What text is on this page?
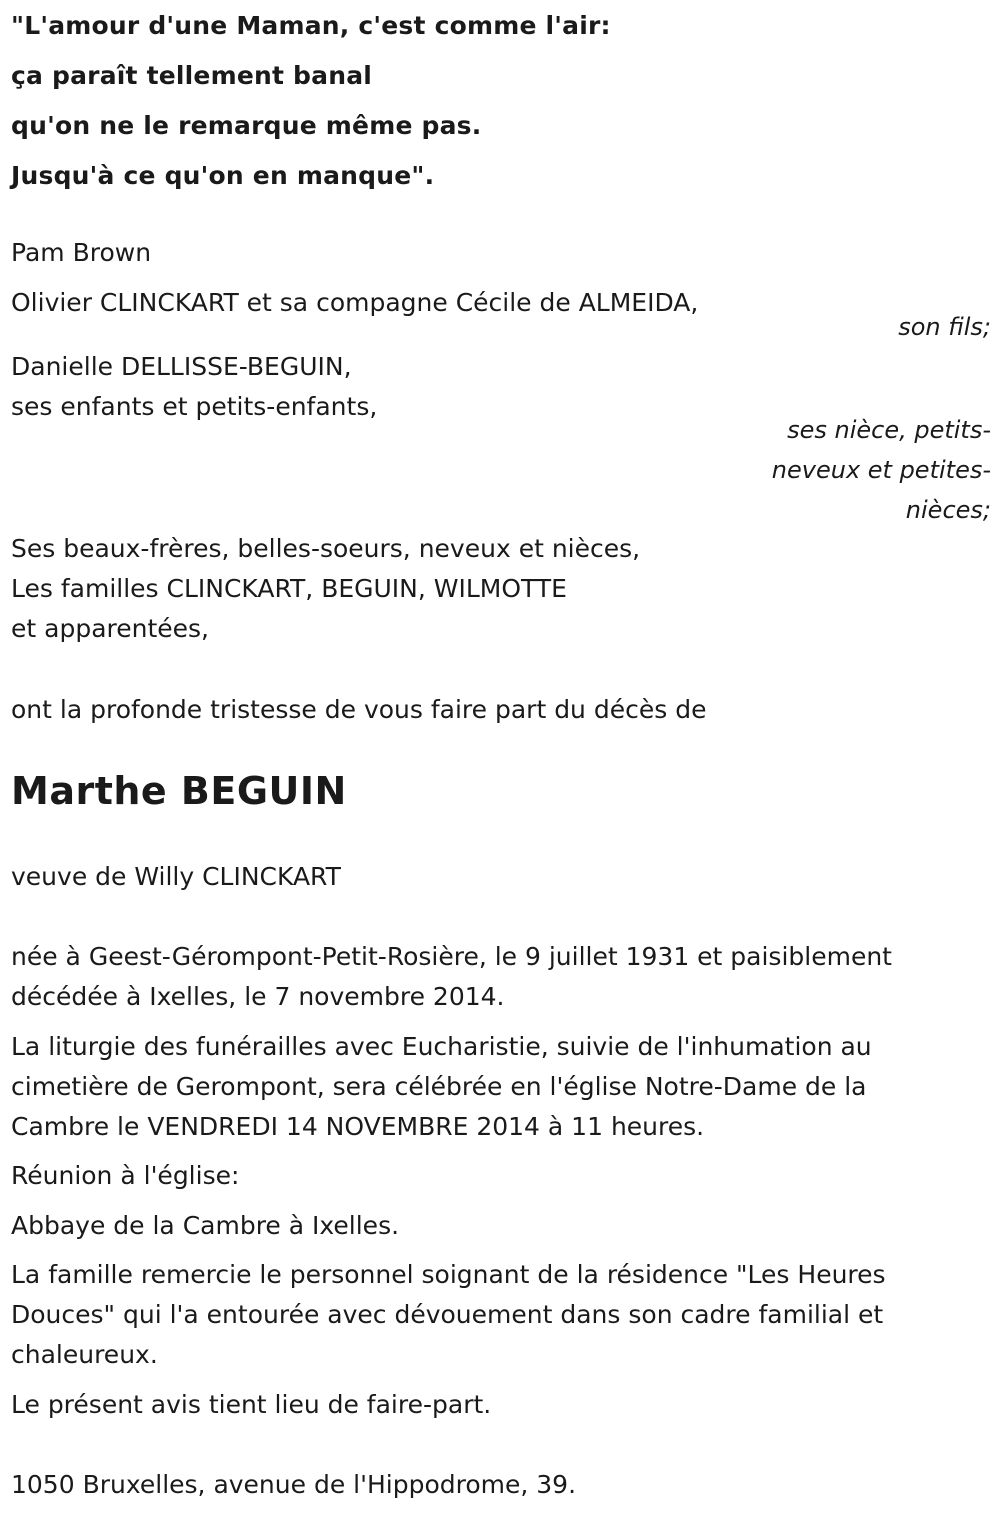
"L'amour d'une Maman, c'est comme l'air:
ça paraît tellement banal
qu'on ne le remarque même pas.
Jusqu'à ce qu'on en manque".

Pam Brown

Olivier CLINCKART et sa compagne Cécile de ALMEIDA,

son fils;

Danielle DELLISSE-BEGUIN,

ses enfants et petits-enfants,

ses nièce, petits-

neveux et petites-

nièces;

Ses beaux-frères, belles-soeurs, neveux et nièces,

Les familles CLINCKART, BEGUIN, WILMOTTE

et apparentées,

ont la profonde tristesse de vous faire part du décès de

Marthe BEGUIN

veuve de Willy CLINCKART

née à Geest-Gérompont-Petit-Rosière, le 9 juillet 1931 et paisiblement décédée à Ixelles, le 7 novembre 2014.

La liturgie des funérailles avec Eucharistie, suivie de l'inhumation au cimetière de Gerompont, sera célébrée en l'église Notre-Dame de la Cambre le VENDREDI 14 NOVEMBRE 2014 à 11 heures.

Réunion à l'église:

Abbaye de la Cambre à Ixelles.

La famille remercie le personnel soignant de la résidence "Les Heures Douces" qui l'a entourée avec dévouement dans son cadre familial et chaleureux.

Le présent avis tient lieu de faire-part.

1050 Bruxelles, avenue de l'Hippodrome, 39.
